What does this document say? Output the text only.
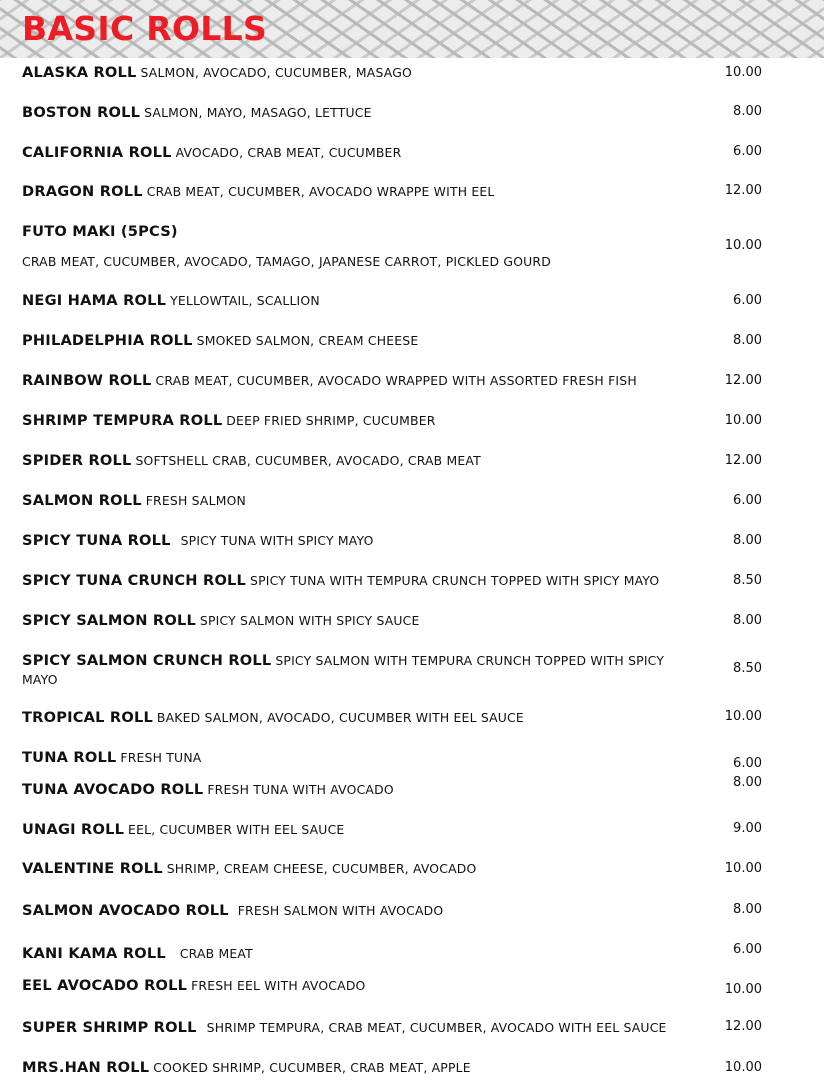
BASIC ROLLS
ALASKA ROLL SALMON, AVOCADO, CUCUMBER, MASAGO	10.00
BOSTON ROLL SALMON, MAYO, MASAGO, LETTUCE	8.00
CALIFORNIA ROLL AVOCADO, CRAB MEAT, CUCUMBER	6.00
DRAGON ROLL CRAB MEAT, CUCUMBER, AVOCADO WRAPPE WITH EEL	12.00
FUTO MAKI (5PCS)
CRAB MEAT, CUCUMBER, AVOCADO, TAMAGO, JAPANESE CARROT, PICKLED GOURD
10.00
NEGI HAMA ROLL YELLOWTAIL, SCALLION	6.00
PHILADELPHIA ROLL SMOKED SALMON, CREAM CHEESE	8.00
RAINBOW ROLL CRAB MEAT, CUCUMBER, AVOCADO WRAPPED WITH ASSORTED FRESH FISH	12.00
SHRIMP TEMPURA ROLL DEEP FRIED SHRIMP, CUCUMBER	10.00
SPIDER ROLL SOFTSHELL CRAB, CUCUMBER, AVOCADO, CRAB MEAT	12.00
SALMON ROLL FRESH SALMON	6.00
SPICY TUNA ROLL SPICY TUNA WITH SPICY MAYO	8.00
SPICY TUNA CRUNCH ROLL SPICY TUNA WITH TEMPURA CRUNCH TOPPED WITH SPICY MAYO	8.50
SPICY SALMON ROLL SPICY SALMON WITH SPICY SAUCE	8.00
SPICY SALMON CRUNCH ROLL SPICY SALMON WITH TEMPURA CRUNCH TOPPED WITH SPICY MAYO
8.50
TROPICAL ROLL BAKED SALMON, AVOCADO, CUCUMBER WITH EEL SAUCE	10.00
TUNA ROLL FRESH TUNA	6.00
TUNA AVOCADO ROLL FRESH TUNA WITH AVOCADO	8.00
UNAGI ROLL EEL, CUCUMBER WITH EEL SAUCE	9.00
VALENTINE ROLL SHRIMP, CREAM CHEESE, CUCUMBER, AVOCADO	10.00
SALMON AVOCADO ROLL FRESH SALMON WITH AVOCADO	8.00
KANI KAMA ROLL CRAB MEAT	6.00
EEL AVOCADO ROLL FRESH EEL WITH AVOCADO	10.00
SUPER SHRIMP ROLL SHRIMP TEMPURA, CRAB MEAT, CUCUMBER, AVOCADO WITH EEL SAUCE	12.00
MRS.HAN ROLL COOKED SHRIMP, CUCUMBER, CRAB MEAT, APPLE	10.00
